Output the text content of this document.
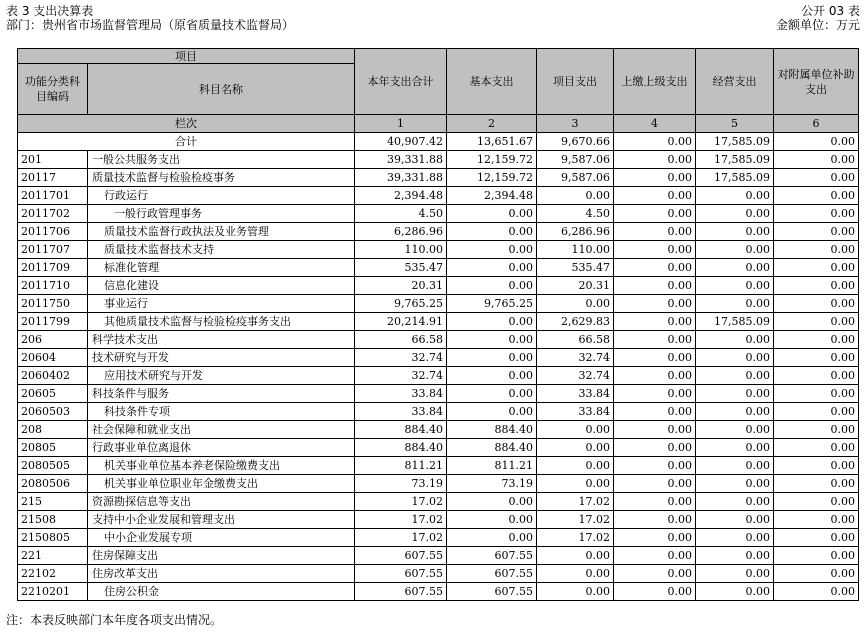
表 3 支出决算表
部门：贵州省市场监督管理局（原省质量技术监督局）
公开 03 表
金额单位：万元
项目		本年支出合计	基本支出	项目支出	上缴上级支出	经营支出	对附属单位补助支出
功能分类科目编码	科目名称						
栏次		1	2	3	4	5	6
合计		40,907.42	13,651.67	9,670.66	0.00	17,585.09	0.00
201	一般公共服务支出	39,331.88	12,159.72	9,587.06	0.00	17,585.09	0.00
20117	质量技术监督与检验检疫事务	39,331.88	12,159.72	9,587.06	0.00	17,585.09	0.00
2011701	行政运行	2,394.48	2,394.48	0.00	0.00	0.00	0.00
2011702	一般行政管理事务	4.50	0.00	4.50	0.00	0.00	0.00
2011706	质量技术监督行政执法及业务管理	6,286.96	0.00	6,286.96	0.00	0.00	0.00
2011707	质量技术监督技术支持	110.00	0.00	110.00	0.00	0.00	0.00
2011709	标准化管理	535.47	0.00	535.47	0.00	0.00	0.00
2011710	信息化建设	20.31	0.00	20.31	0.00	0.00	0.00
2011750	事业运行	9,765.25	9,765.25	0.00	0.00	0.00	0.00
2011799	其他质量技术监督与检验检疫事务支出	20,214.91	0.00	2,629.83	0.00	17,585.09	0.00
206	科学技术支出	66.58	0.00	66.58	0.00	0.00	0.00
20604	技术研究与开发	32.74	0.00	32.74	0.00	0.00	0.00
2060402	应用技术研究与开发	32.74	0.00	32.74	0.00	0.00	0.00
20605	科技条件与服务	33.84	0.00	33.84	0.00	0.00	0.00
2060503	科技条件专项	33.84	0.00	33.84	0.00	0.00	0.00
208	社会保障和就业支出	884.40	884.40	0.00	0.00	0.00	0.00
20805	行政事业单位离退休	884.40	884.40	0.00	0.00	0.00	0.00
2080505	机关事业单位基本养老保险缴费支出	811.21	811.21	0.00	0.00	0.00	0.00
2080506	机关事业单位职业年金缴费支出	73.19	73.19	0.00	0.00	0.00	0.00
215	资源勘探信息等支出	17.02	0.00	17.02	0.00	0.00	0.00
21508	支持中小企业发展和管理支出	17.02	0.00	17.02	0.00	0.00	0.00
2150805	中小企业发展专项	17.02	0.00	17.02	0.00	0.00	0.00
221	住房保障支出	607.55	607.55	0.00	0.00	0.00	0.00
22102	住房改革支出	607.55	607.55	0.00	0.00	0.00	0.00
2210201	住房公积金	607.55	607.55	0.00	0.00	0.00	0.00
注：本表反映部门本年度各项支出情况。
